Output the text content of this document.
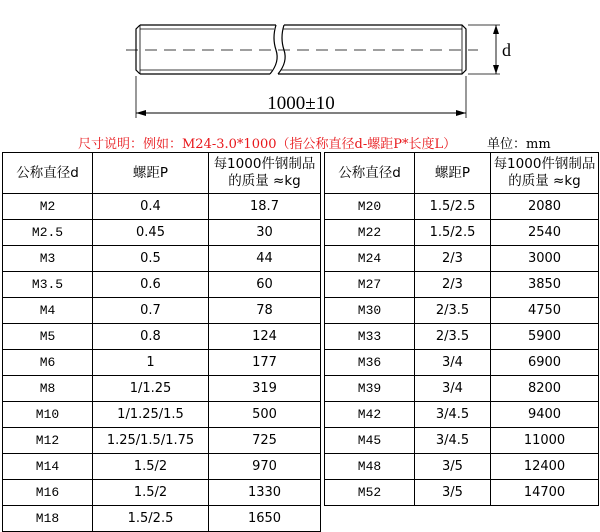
d
1000±10
尺寸说明：例如：M24-3.0*1000（指公称直径d-螺距P*长度L） 单位：mm
公称直径d	螺距P	每1000件钢制品的质量 ≈kg
M2	0.4	18.7
M2.5	0.45	30
M3	0.5	44
M3.5	0.6	60
M4	0.7	78
M5	0.8	124
M6	1	177
M8	1/1.25	319
M10	1/1.25/1.5	500
M12	1.25/1.5/1.75	725
M14	1.5/2	970
M16	1.5/2	1330
M18	1.5/2.5	1650
公称直径d	螺距P	每1000件钢制品的质量 ≈kg
M20	1.5/2.5	2080
M22	1.5/2.5	2540
M24	2/3	3000
M27	2/3	3850
M30	2/3.5	4750
M33	2/3.5	5900
M36	3/4	6900
M39	3/4	8200
M42	3/4.5	9400
M45	3/4.5	11000
M48	3/5	12400
M52	3/5	14700
